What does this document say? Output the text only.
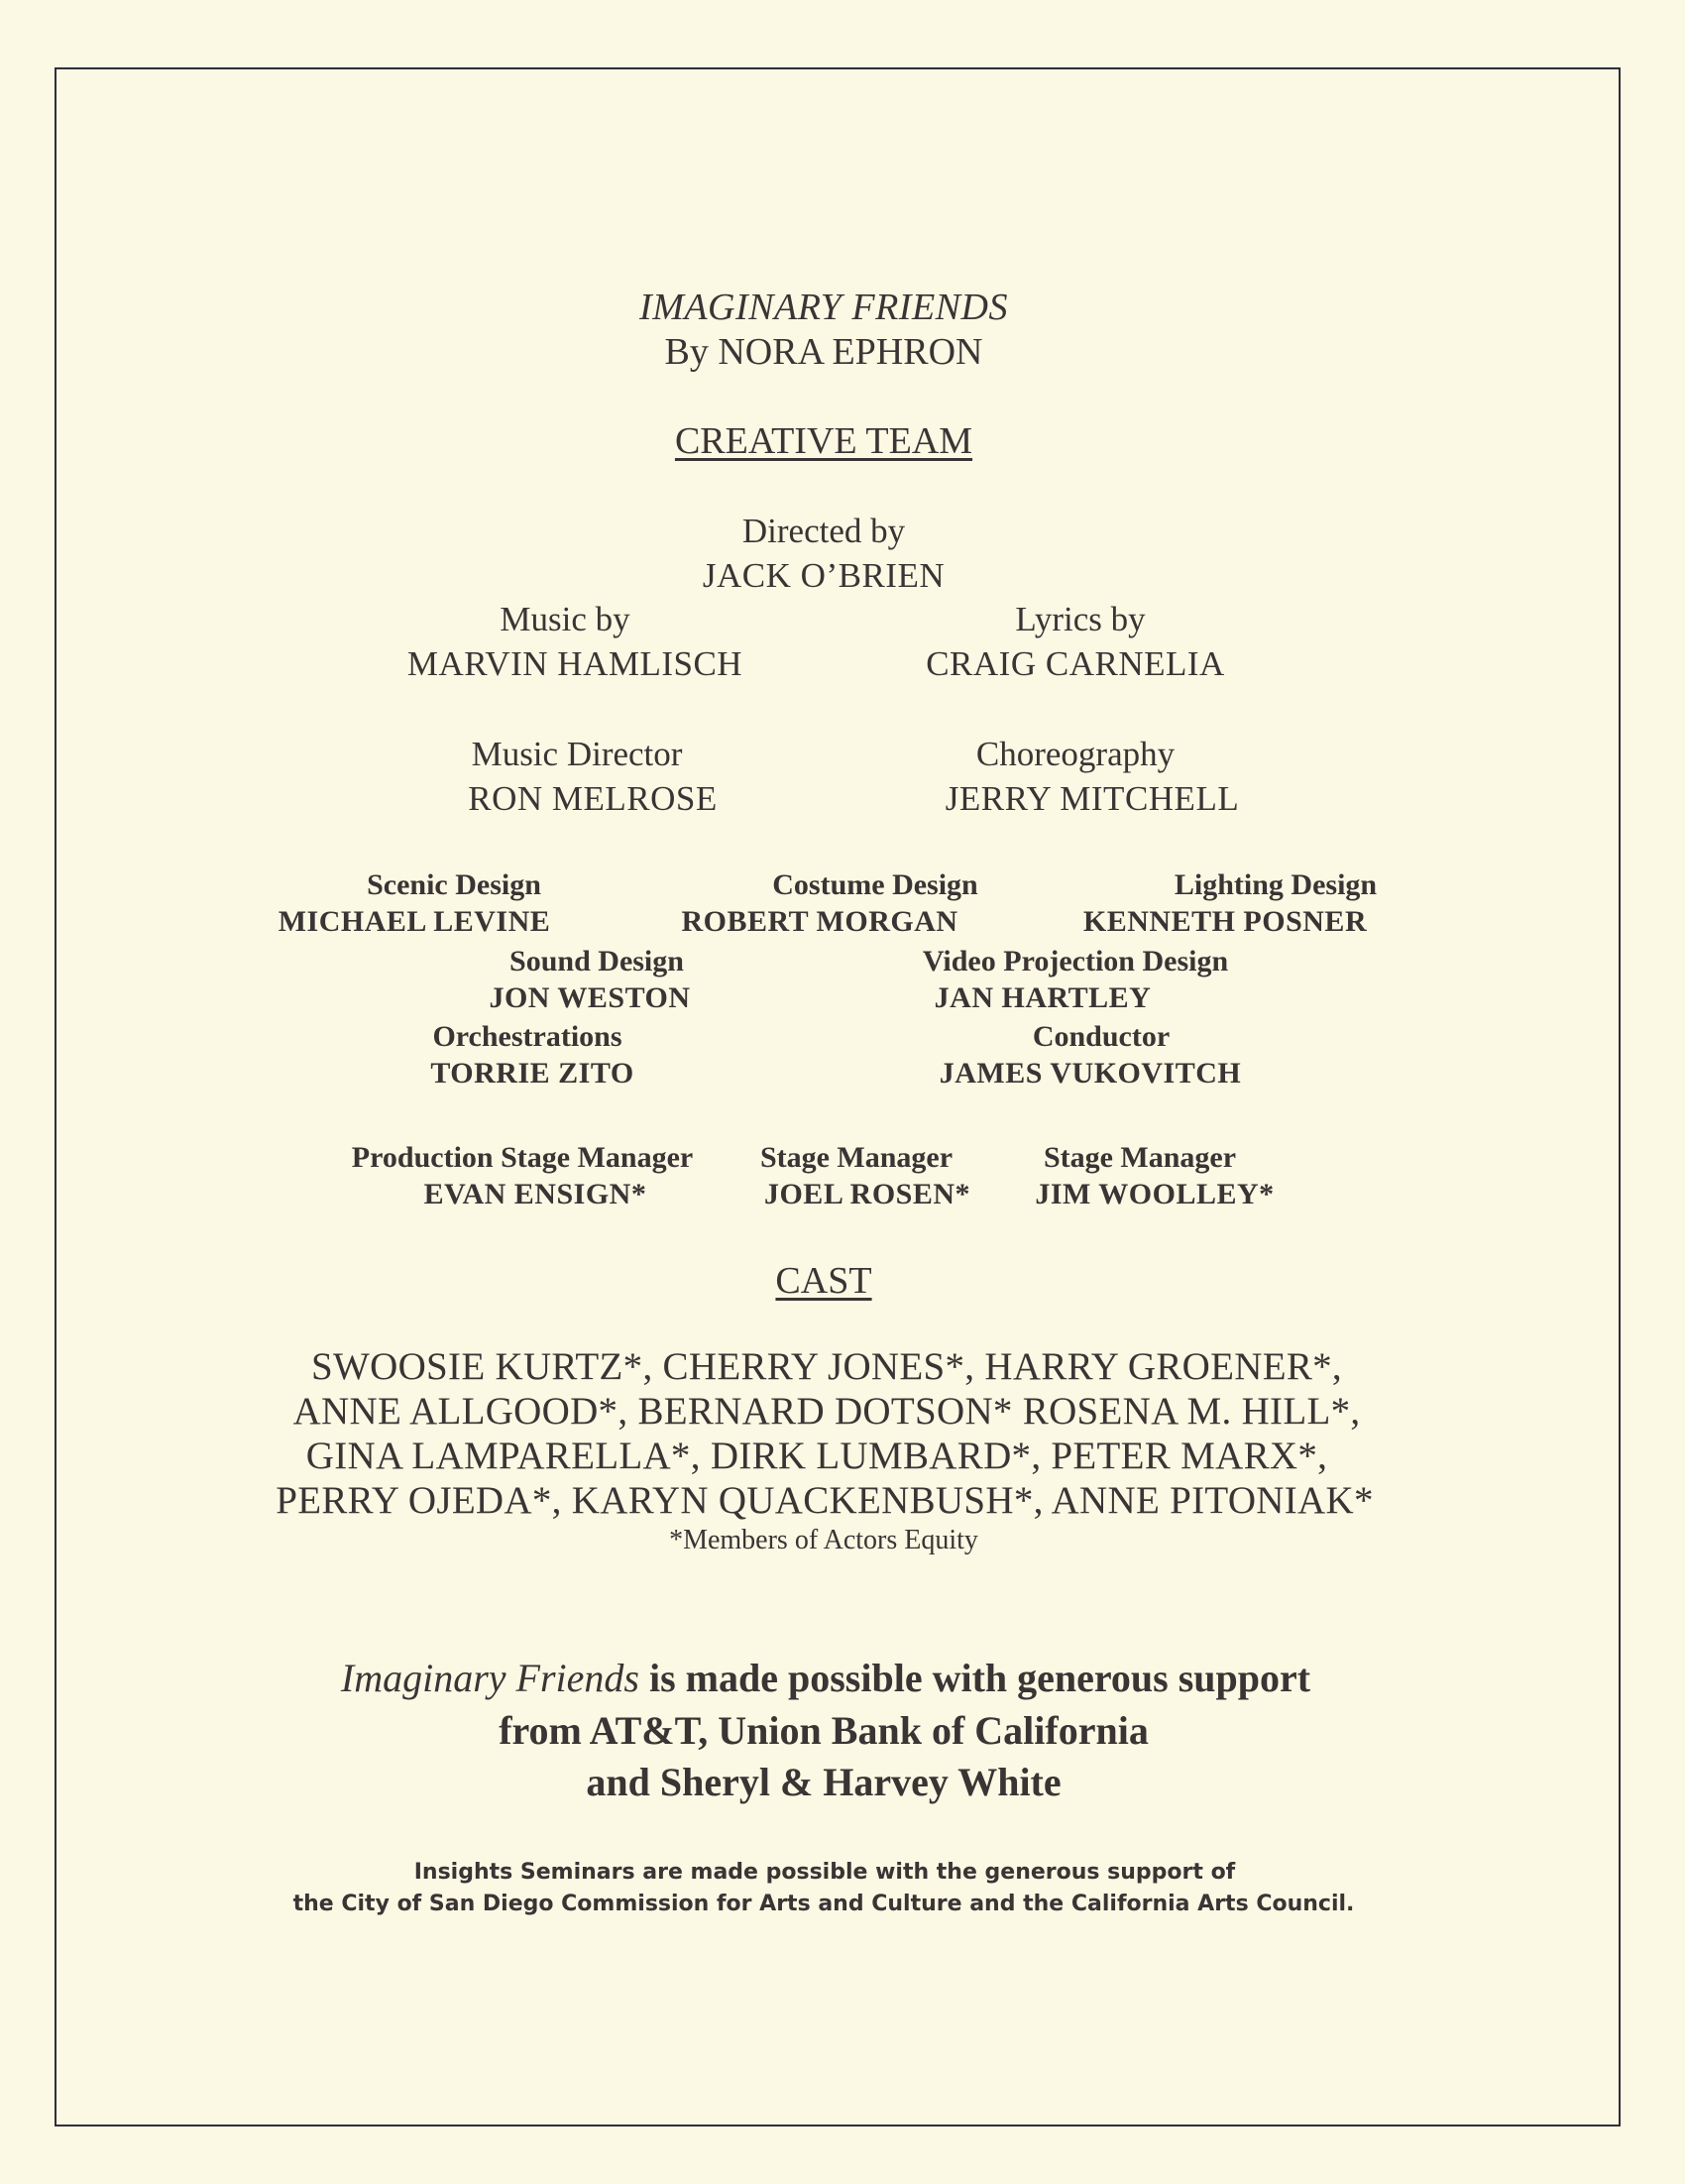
IMAGINARY FRIENDS
By NORA EPHRON
CREATIVE TEAM
Directed by
JACK O’BRIEN
Music by
MARVIN HAMLISCH
Lyrics by
CRAIG CARNELIA
Music Director
RON MELROSE
Choreography
JERRY MITCHELL
Scenic Design
MICHAEL LEVINE
Costume Design
ROBERT MORGAN
Lighting Design
KENNETH POSNER
Sound Design
JON WESTON
Video Projection Design
JAN HARTLEY
Orchestrations
TORRIE ZITO
Conductor
JAMES VUKOVITCH
Production Stage Manager
EVAN ENSIGN*
Stage Manager
JOEL ROSEN*
Stage Manager
JIM WOOLLEY*
CAST
SWOOSIE KURTZ*, CHERRY JONES*, HARRY GROENER*,
ANNE ALLGOOD*, BERNARD DOTSON* ROSENA M. HILL*,
GINA LAMPARELLA*, DIRK LUMBARD*, PETER MARX*,
PERRY OJEDA*, KARYN QUACKENBUSH*, ANNE PITONIAK*
*Members of Actors Equity
Imaginary Friends is made possible with generous support
from AT&T, Union Bank of California
and Sheryl & Harvey White
Insights Seminars are made possible with the generous support of
the City of San Diego Commission for Arts and Culture and the California Arts Council.
